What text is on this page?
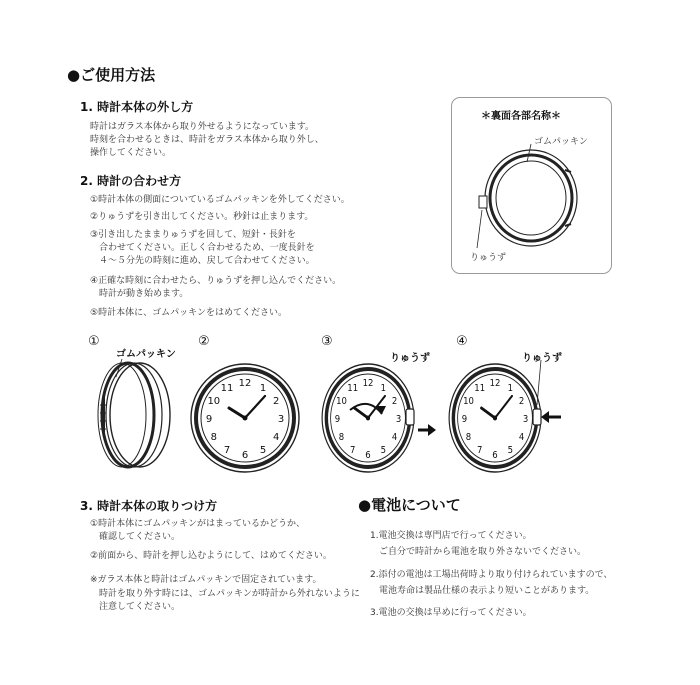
●ご使用方法
1. 時計本体の外し方
時計はガラス本体から取り外せるようになっています。
時刻を合わせるときは、時計をガラス本体から取り外し、
操作してください。
2. 時計の合わせ方
①時計本体の側面についているゴムパッキンを外してください。
②りゅうずを引き出してください。秒針は止まります。
③引き出したままりゅうずを回して、短針・長針を
　合わせてください。正しく合わせるため、一度長針を
　４～５分先の時刻に進め、戻して合わせてください。
④正確な時刻に合わせたら、りゅうずを押し込んでください。
　時計が動き始めます。
⑤時計本体に、ゴムパッキンをはめてください。
＊裏面各部名称＊
ゴムパッキン
りゅうず
①	②	③	④
ゴムパッキン	りゅうず	りゅうず
12 1
2
3
4
5
6
7
8
9
10
11	12 1
2
3
4
5
6
7
8
9
10
11	12 1
2
3
4
5
6
7
8
9
10
11
3. 時計本体の取りつけ方
①時計本体にゴムパッキンがはまっているかどうか、
　確認してください。
②前面から、時計を押し込むようにして、はめてください。
※ガラス本体と時計はゴムパッキンで固定されています。
　時計を取り外す時には、ゴムパッキンが時計から外れないように
　注意してください。
●電池について
1.電池交換は専門店で行ってください。
　ご自分で時計から電池を取り外さないでください。
2.添付の電池は工場出荷時より取り付けられていますので、
　電池寿命は製品仕様の表示より短いことがあります。
3.電池の交換は早めに行ってください。
